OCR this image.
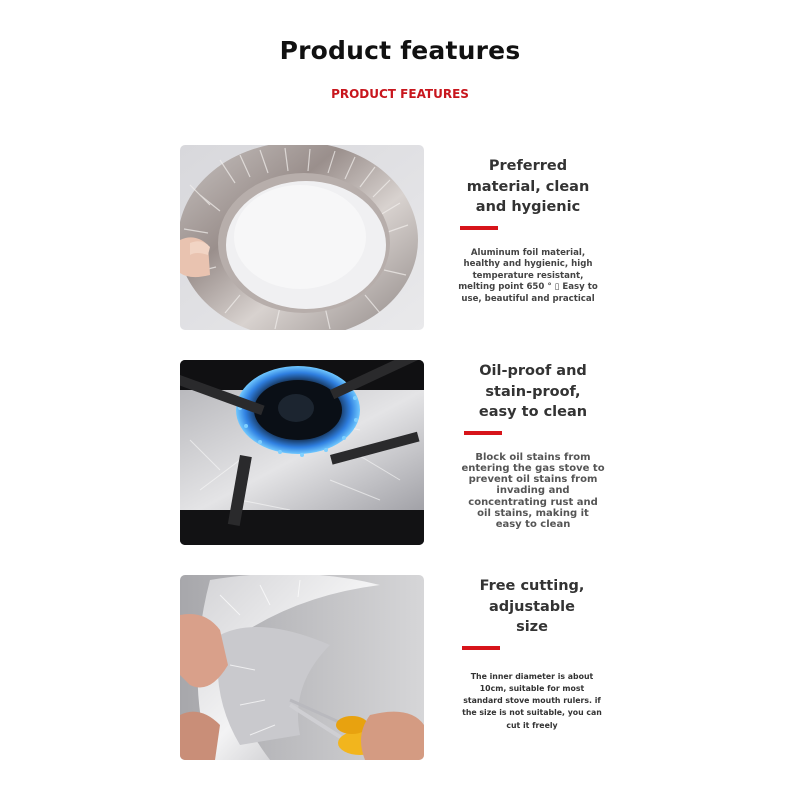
Product features
PRODUCT FEATURES
Preferred
material, clean
and hygienic
Aluminum foil material,
healthy and hygienic, high
temperature resistant,
melting point 650 ° ▯ Easy to
use, beautiful and practical
Oil-proof and
stain-proof,
easy to clean
Block oil stains from
entering the gas stove to
prevent oil stains from
invading and
concentrating rust and
oil stains, making it
easy to clean
Free cutting,
adjustable
size
The inner diameter is about
10cm, suitable for most
standard stove mouth rulers. if
the size is not suitable, you can
cut it freely
